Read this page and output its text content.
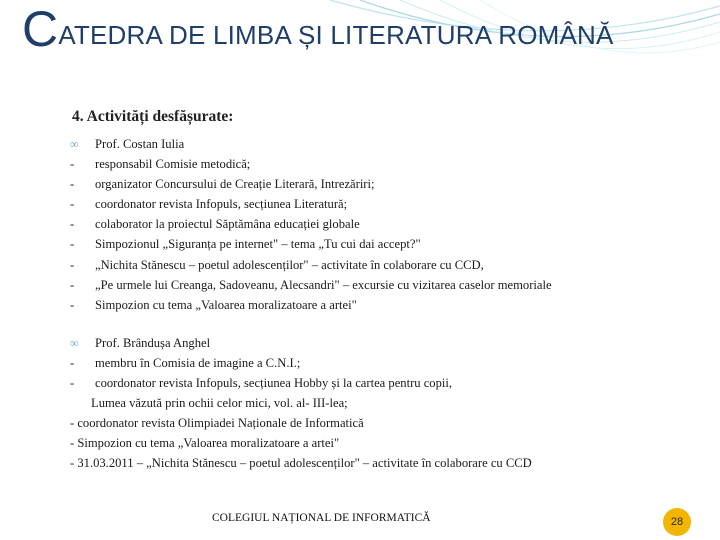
CATEDRA DE LIMBA ȘI LITERATURA ROMÂNĂ
4. Activități desfășurate:
∞ Prof. Costan Iulia
- responsabil Comisie metodică;
- organizator Concursului de Creație Literară, Intrezăriri;
- coordonator revista Infopuls, secțiunea Literatură;
- colaborator la proiectul Săptămâna educației globale
- Simpozionul „Siguranța pe internet" – tema „Tu cui dai accept?"
- „Nichita Stănescu – poetul adolescenților" – activitate în colaborare cu CCD,
- „Pe urmele lui Creanga, Sadoveanu, Alecsandri" – excursie cu vizitarea caselor memoriale
- Simpozion cu tema „Valoarea moralizatoare a artei"
∞ Prof. Brândușa Anghel
- membru în Comisia de imagine a C.N.I.;
- coordonator revista Infopuls, secțiunea Hobby și la cartea pentru copii,
Lumea văzută prin ochii celor mici, vol. al- III-lea;
- coordonator revista Olimpiadei Naționale de Informatică
- Simpozion cu tema „Valoarea moralizatoare a artei"
- 31.03.2011 – „Nichita Stănescu – poetul adolescenților" – activitate în colaborare cu CCD
COLEGIUL NAȚIONAL DE INFORMATICĂ	28
